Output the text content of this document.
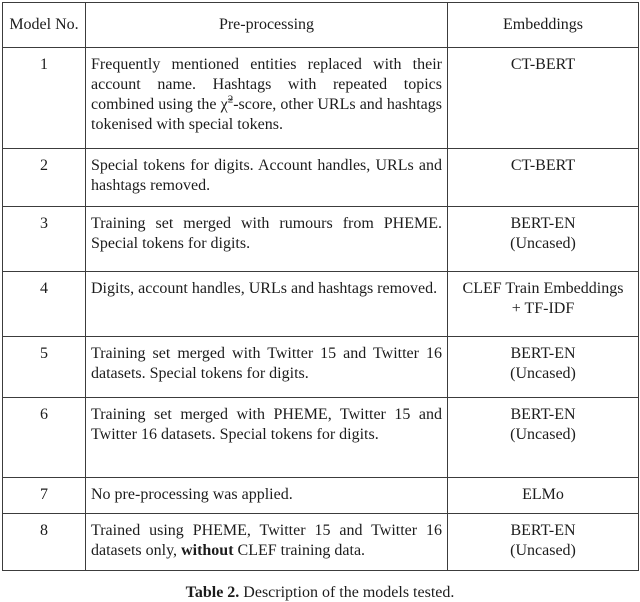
Model No.	Pre-processing	Embeddings
1	Frequently mentioned entities replaced with their account name. Hashtags with repeated topics combined using the χ̃$^2$-score, other URLs and hashtags tokenised with special tokens.	CT-BERT
2	Special tokens for digits. Account handles, URLs and hashtags removed.	CT-BERT
3	Training set merged with rumours from PHEME. Special tokens for digits.	BERT-EN
(Uncased)
4	Digits, account handles, URLs and hashtags removed.	CLEF Train Embeddings
+ TF-IDF
5	Training set merged with Twitter 15 and Twitter 16 datasets. Special tokens for digits.	BERT-EN
(Uncased)
6	Training set merged with PHEME, Twitter 15 and Twitter 16 datasets. Special tokens for digits.	BERT-EN
(Uncased)
7	No pre-processing was applied.	ELMo
8	Trained using PHEME, Twitter 15 and Twitter 16 datasets only, without CLEF training data.	BERT-EN
(Uncased)
Table 2. Description of the models tested.
